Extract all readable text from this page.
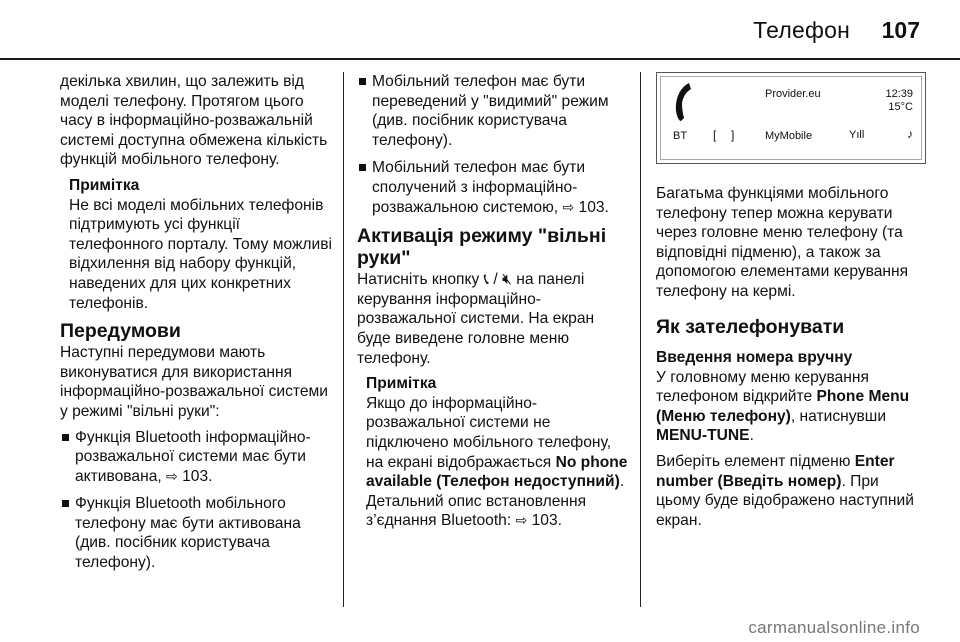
Телефон 107

декілька хвилин, що залежить від моделі телефону. Протягом цього часу в інформаційно-розважальній системі доступна обмежена кількість функцій мобільного телефону.

Примітка
Не всі моделі мобільних телефонів підтримують усі функції телефонного порталу. Тому можливі відхилення від набору функцій, наведених для цих конкретних телефонів.
Передумови

Наступні передумови мають виконуватися для використання інформаційно-розважальної системи у режимі "вільні руки":

Функція Bluetooth інформаційно-розважальної системи має бути активована, ⇨ 103.
Функція Bluetooth мобільного телефону має бути активована (див. посібник користувача телефону).
Мобільний телефон має бути переведений у "видимий" режим (див. посібник користувача телефону).
Мобільний телефон має бути сполучений з інформаційно-розважальною системою, ⇨ 103.
Активація режиму "вільні руки"

Натисніть кнопку 📞︎ / 🔇︎ на панелі керування інформаційно-розважальної системи. На екран буде виведене головне меню телефону.

Примітка
Якщо до інформаційно-розважальної системи не підключено мобільного телефону, на екрані відображається No phone available (Телефон недоступний). Детальний опис встановлення з’єднання Bluetooth: ⇨ 103.
Provider.eu	12:39
15°C
BT [ ]	MyMobile	Yıll	♪

Багатьма функціями мобільного телефону тепер можна керувати через головне меню телефону (та відповідні підменю), а також за допомогою елементами керування телефону на кермі.

Як зателефонувати
Введення номера вручну

У головному меню керування телефоном відкрийте Phone Menu (Меню телефону), натиснувши MENU-TUNE.

Виберіть елемент підменю Enter number (Введіть номер). При цьому буде відображено наступний екран.

carmanualsonline.info
